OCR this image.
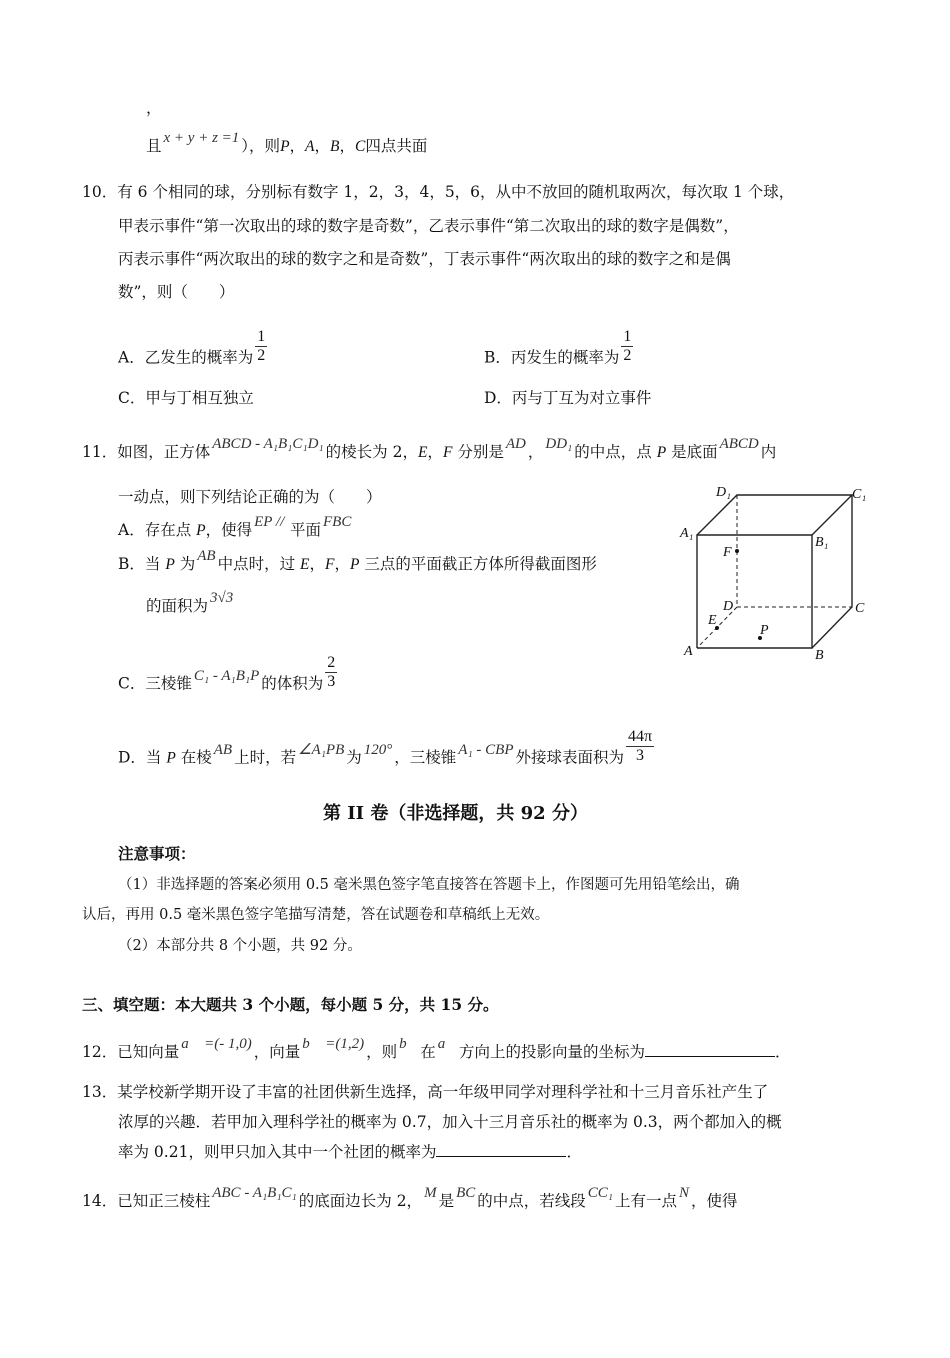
，
且 x + y + z =1 ），则P，A，B，C四点共面
10．有 6 个相同的球，分别标有数字 1，2，3，4，5，6，从中不放回的随机取两次，每次取 1 个球，
甲表示事件“第一次取出的球的数字是奇数”，乙表示事件“第二次取出的球的数字是偶数”，
丙表示事件“两次取出的球的数字之和是奇数”，丁表示事件“两次取出的球的数字之和是偶
数”，则（　　）
A．乙发生的概率为 $\frac{1}{2}$	B．丙发生的概率为 $\frac{1}{2}$
C．甲与丁相互独立	D．丙与丁互为对立事件
11．如图，正方体 ABCD - A₁B₁C₁D₁ 的棱长为 2，E，F 分别是 AD ， DD₁ 的中点，点 P 是底面 ABCD 内
一动点，则下列结论正确的为（　　）
A．存在点 P，使得 EP // 平面 FBC
B．当 P 为 AB 中点时，过 E，F，P 三点的平面截正方体所得截面图形
的面积为 3√3
C．三棱锥 C₁ - A₁B₁P 的体积为 $\frac{2}{3}$
D．当 P 在棱 AB 上时，若 ∠A₁PB 为 120° ，三棱锥 A₁ - CBP 外接球表面积为 $\frac{44\pi}{3}$
A	B
C
D
A₁
B₁
C₁
D₁
E
F
P
第 II 卷（非选择题，共 92 分）
注意事项：
（1）非选择题的答案必须用 0.5 毫米黑色签字笔直接答在答题卡上，作图题可先用铅笔绘出，确
认后，再用 0.5 毫米黑色签字笔描写清楚，答在试题卷和草稿纸上无效。
（2）本部分共 8 个小题，共 92 分。
三、填空题：本大题共 3 个小题，每小题 5 分，共 15 分。
12．已知向量 a⃗ =(- 1,0) ，向量 b⃗ =(1,2) ，则 b⃗ 在 a⃗ 方向上的投影向量的坐标为	．
13．某学校新学期开设了丰富的社团供新生选择，高一年级甲同学对理科学社和十三月音乐社产生了
浓厚的兴趣．若甲加入理科学社的概率为 0.7，加入十三月音乐社的概率为 0.3，两个都加入的概
率为 0.21，则甲只加入其中一个社团的概率为	．
14．已知正三棱柱 ABC - A₁B₁C₁ 的底面边长为 2， M 是 BC 的中点，若线段 CC₁ 上有一点 N ，使得
